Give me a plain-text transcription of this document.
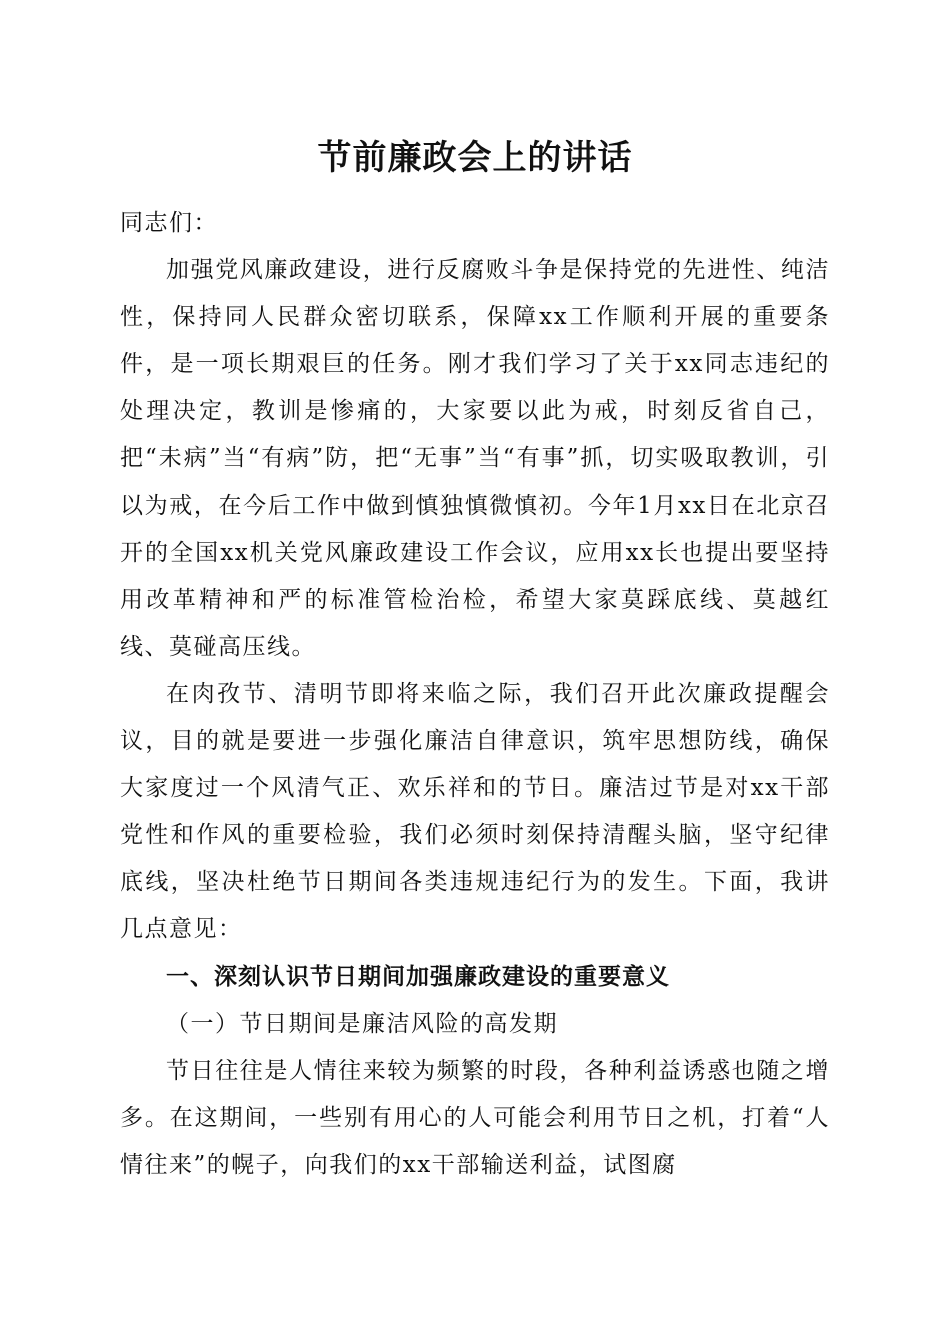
节前廉政会上的讲话

同志们：

加强党风廉政建设，进行反腐败斗争是保持党的先进性、纯洁性，保持同人民群众密切联系，保障xx工作顺利开展的重要条件，是一项长期艰巨的任务。刚才我们学习了关于xx同志违纪的处理决定，教训是惨痛的，大家要以此为戒，时刻反省自己，把“未病”当“有病”防，把“无事”当“有事”抓，切实吸取教训，引以为戒，在今后工作中做到慎独慎微慎初。今年1月xx日在北京召开的全国xx机关党风廉政建设工作会议，应用xx长也提出要坚持用改革精神和严的标准管检治检，希望大家莫踩底线、莫越红线、莫碰高压线。

在肉孜节、清明节即将来临之际，我们召开此次廉政提醒会议，目的就是要进一步强化廉洁自律意识，筑牢思想防线，确保大家度过一个风清气正、欢乐祥和的节日。廉洁过节是对xx干部党性和作风的重要检验，我们必须时刻保持清醒头脑，坚守纪律底线，坚决杜绝节日期间各类违规违纪行为的发生。下面，我讲几点意见：

一、深刻认识节日期间加强廉政建设的重要意义

（一）节日期间是廉洁风险的高发期

节日往往是人情往来较为频繁的时段，各种利益诱惑也随之增多。在这期间，一些别有用心的人可能会利用节日之机，打着“人情往来”的幌子，向我们的xx干部输送利益，试图腐
